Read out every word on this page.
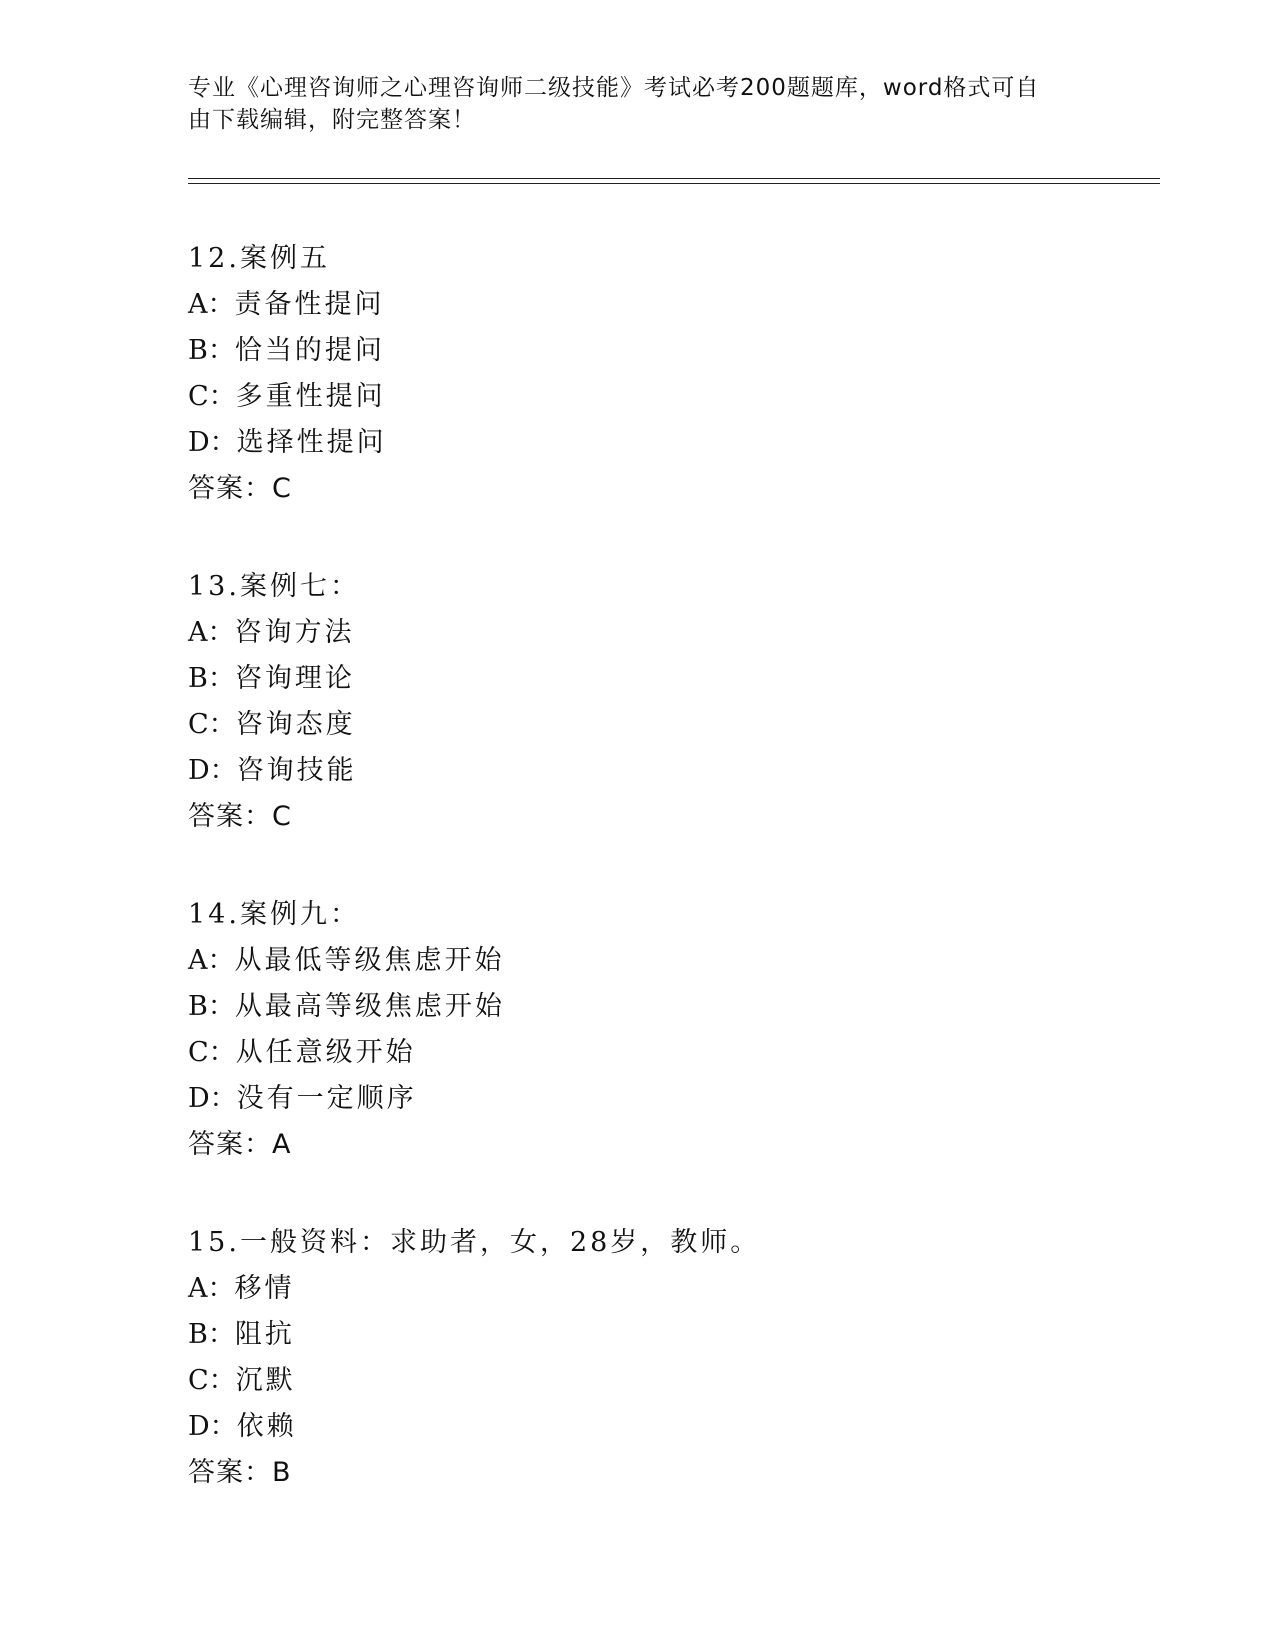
专业《心理咨询师之心理咨询师二级技能》考试必考200题题库，word格式可自
由下载编辑，附完整答案！
12.案例五
A：责备性提问
B：恰当的提问
C：多重性提问
D：选择性提问
答案：C
13.案例七：
A：咨询方法
B：咨询理论
C：咨询态度
D：咨询技能
答案：C
14.案例九：
A：从最低等级焦虑开始
B：从最高等级焦虑开始
C：从任意级开始
D：没有一定顺序
答案：A
15.一般资料：求助者，女，28岁，教师。
A：移情
B：阻抗
C：沉默
D：依赖
答案：B
